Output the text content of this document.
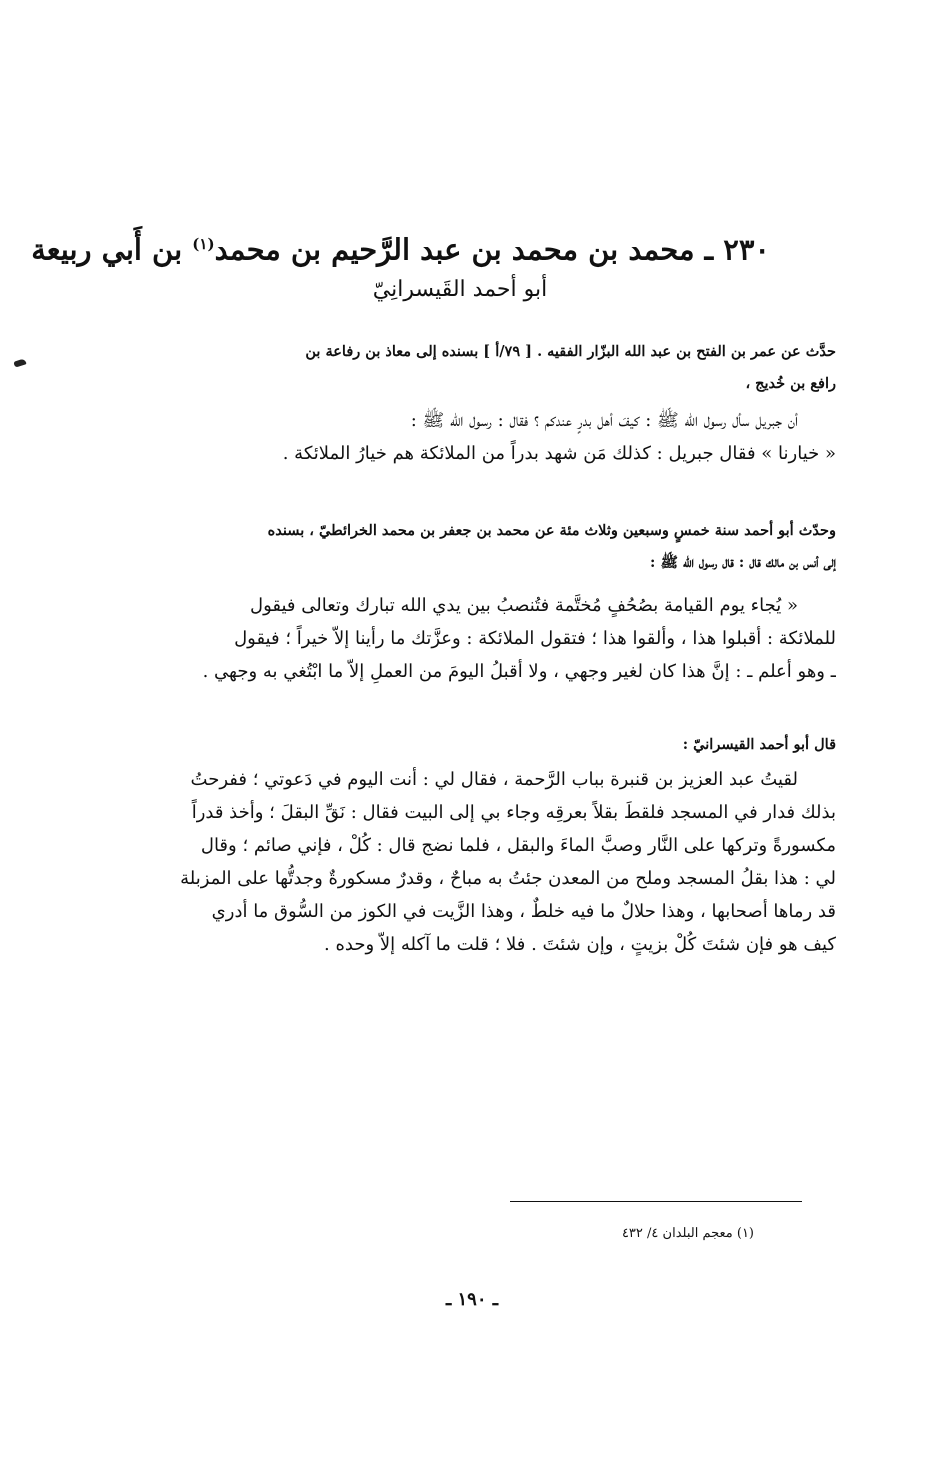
٢٣٠ ـ محمد بن محمد بن عبد الرَّحيم بن محمد$^{(١)}$ بن أَبي ربيعة
أبو أحمد القَيسرانِيّ
حدَّث عن عمر بن الفتح بن عبد الله البزّار الفقيه . [ ٧٩/أ ] بسنده إلى معاذ بن رفاعة بن
رافع بن خُديج ،
أن جبريل سأل رسول الله ﷺ : كيفَ أهل بدرٍ عندكم ؟ فقال : رسول الله ﷺ :
« خيارنا » فقال جبريل : كذلك مَن شهد بدراً من الملائكة هم خيارُ الملائكة .
وحدّث أبو أحمد سنة خمسٍ وسبعين وثلاث مئة عن محمد بن جعفر بن محمد الخرائطيّ ، بسنده
إلى أنس بن مالك قال : قال رسول الله ﷺ :
« يُجاء يوم القيامة بصُحُفٍ مُختَّمة فتُنصبُ بين يدي الله تبارك وتعالى فيقول
للملائكة : أقبلوا هذا ، وألقوا هذا ؛ فتقول الملائكة : وعزَّتك ما رأينا إلاّ خيراً ؛ فيقول
ـ وهو أعلم ـ : إنَّ هذا كان لغير وجهي ، ولا أقبلُ اليومَ من العملِ إلاّ ما ابْتُغي به وجهي .
قال أبو أحمد القيسرانيّ :
لقيتُ عبد العزيز بن قنبرة بباب الرَّحمة ، فقال لي : أنت اليوم في دَعوتي ؛ ففرحتُ
بذلك فدار في المسجد فلقطَ بقلاً بعرقِه وجاء بي إلى البيت فقال : نَقِّ البقلَ ؛ وأخذ قدراً
مكسورةً وتركها على النَّار وصبَّ الماءَ والبقل ، فلما نضج قال : كُلْ ، فإني صائم ؛ وقال
لي : هذا بقلُ المسجد وملح من المعدن جئتُ به مباحٌ ، وقدرٌ مسكورةٌ وجدتُّها على المزبلة
قد رماها أصحابها ، وهذا حلالٌ ما فيه خلطٌ ، وهذا الزَّيت في الكوز من السُّوق ما أدري
كيف هو فإن شئتَ كُلْ بزيتٍ ، وإن شئتَ . فلا ؛ قلت ما آكله إلاّ وحده .
(١) معجم البلدان ٤/ ٤٣٢
ـ ١٩٠ ـ
